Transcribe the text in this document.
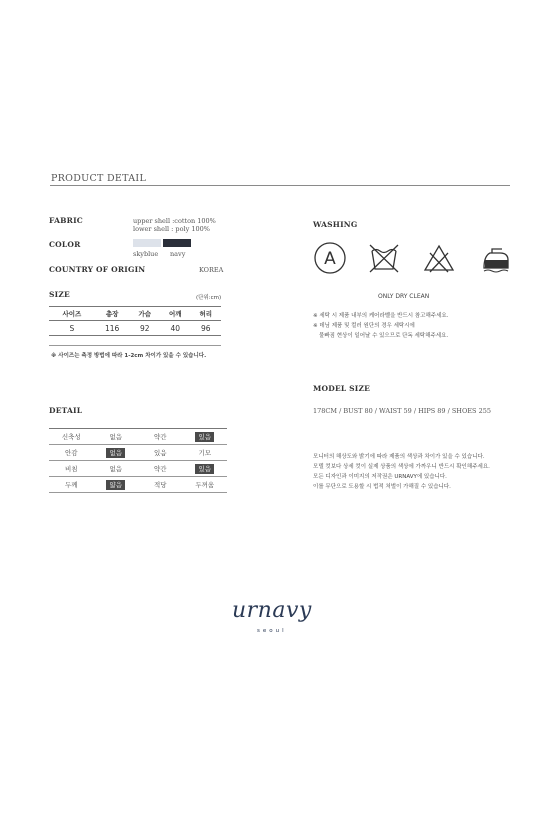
PRODUCT DETAIL
FABRIC	upper shell :cotton 100%
lower shell : poly 100%
COLOR
skyblue navy
COUNTRY OF ORIGIN	KOREA
SIZE	(단위:cm)
사이즈	총장	가슴	어깨	허리
S	116	92	40	96
※ 사이즈는 측정 방법에 따라 1-2cm 차이가 있을 수 있습니다.
DETAIL
신축성	없음	약간	있음
안감	없음	있음	기모
비침	없음	약간	있음
두께	얇음	적당	두꺼움
WASHING
A
ONLY DRY CLEAN
※ 세탁 시 제품 내부의 케어라벨을 반드시 참고해주세요.
※ 데님 제품 및 컬러 원단의 경우 세탁시에
물빠짐 현상이 일어날 수 있으므로 단독 세탁해주세요.
MODEL SIZE
178CM / BUST 80 / WAIST 59 / HIPS 89 / SHOES 255
모니터의 해상도와 밝기에 따라 제품의 색상과 차이가 있을 수 있습니다.
모델 컷보다 상세 컷이 실제 상품의 색상에 가까우니 반드시 확인해주세요.
모든 디자인과 이미지의 저작권은 URNAVY에 있습니다.
이를 무단으로 도용할 시 법적 처벌이 가해질 수 있습니다.
urnavy
seoul
